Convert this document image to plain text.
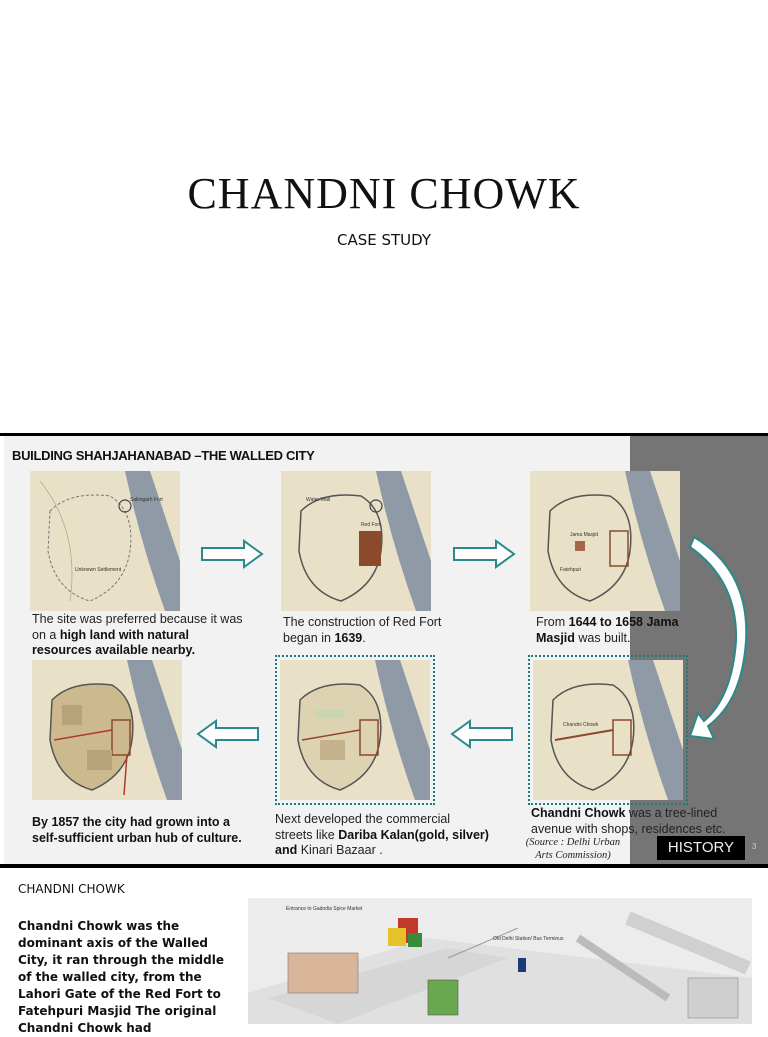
CHANDNI CHOWK
CASE STUDY
BUILDING SHAHJAHANABAD –THE WALLED CITY
Salimgarh Fort
Unknown Settlement
Red Fort
Water Wall
Jama Masjid
Fatehpuri
Chandni Chowk
The site was preferred because it was on a high land with natural resources available nearby.
The construction of Red Fort began in 1639.
From 1644 to 1658 Jama Masjid was built.
Chandni Chowk was a tree-lined avenue with shops, residences etc.
Next developed the commercial streets like Dariba Kalan(gold, silver) and Kinari Bazaar .
By 1857 the city had grown into a self-sufficient urban hub of culture.	(Source : Delhi Urban Arts Commission)	HISTORY	3
CHANDNI CHOWK
Chandni Chowk was the dominant axis of the Walled City, it ran through the middle of the walled city, from the Lahori Gate of the Red Fort to Fatehpuri Masjid The original Chandni Chowk had
Entrance to Gadodia Spice Market
Old Delhi Station/ Bus Terminus
